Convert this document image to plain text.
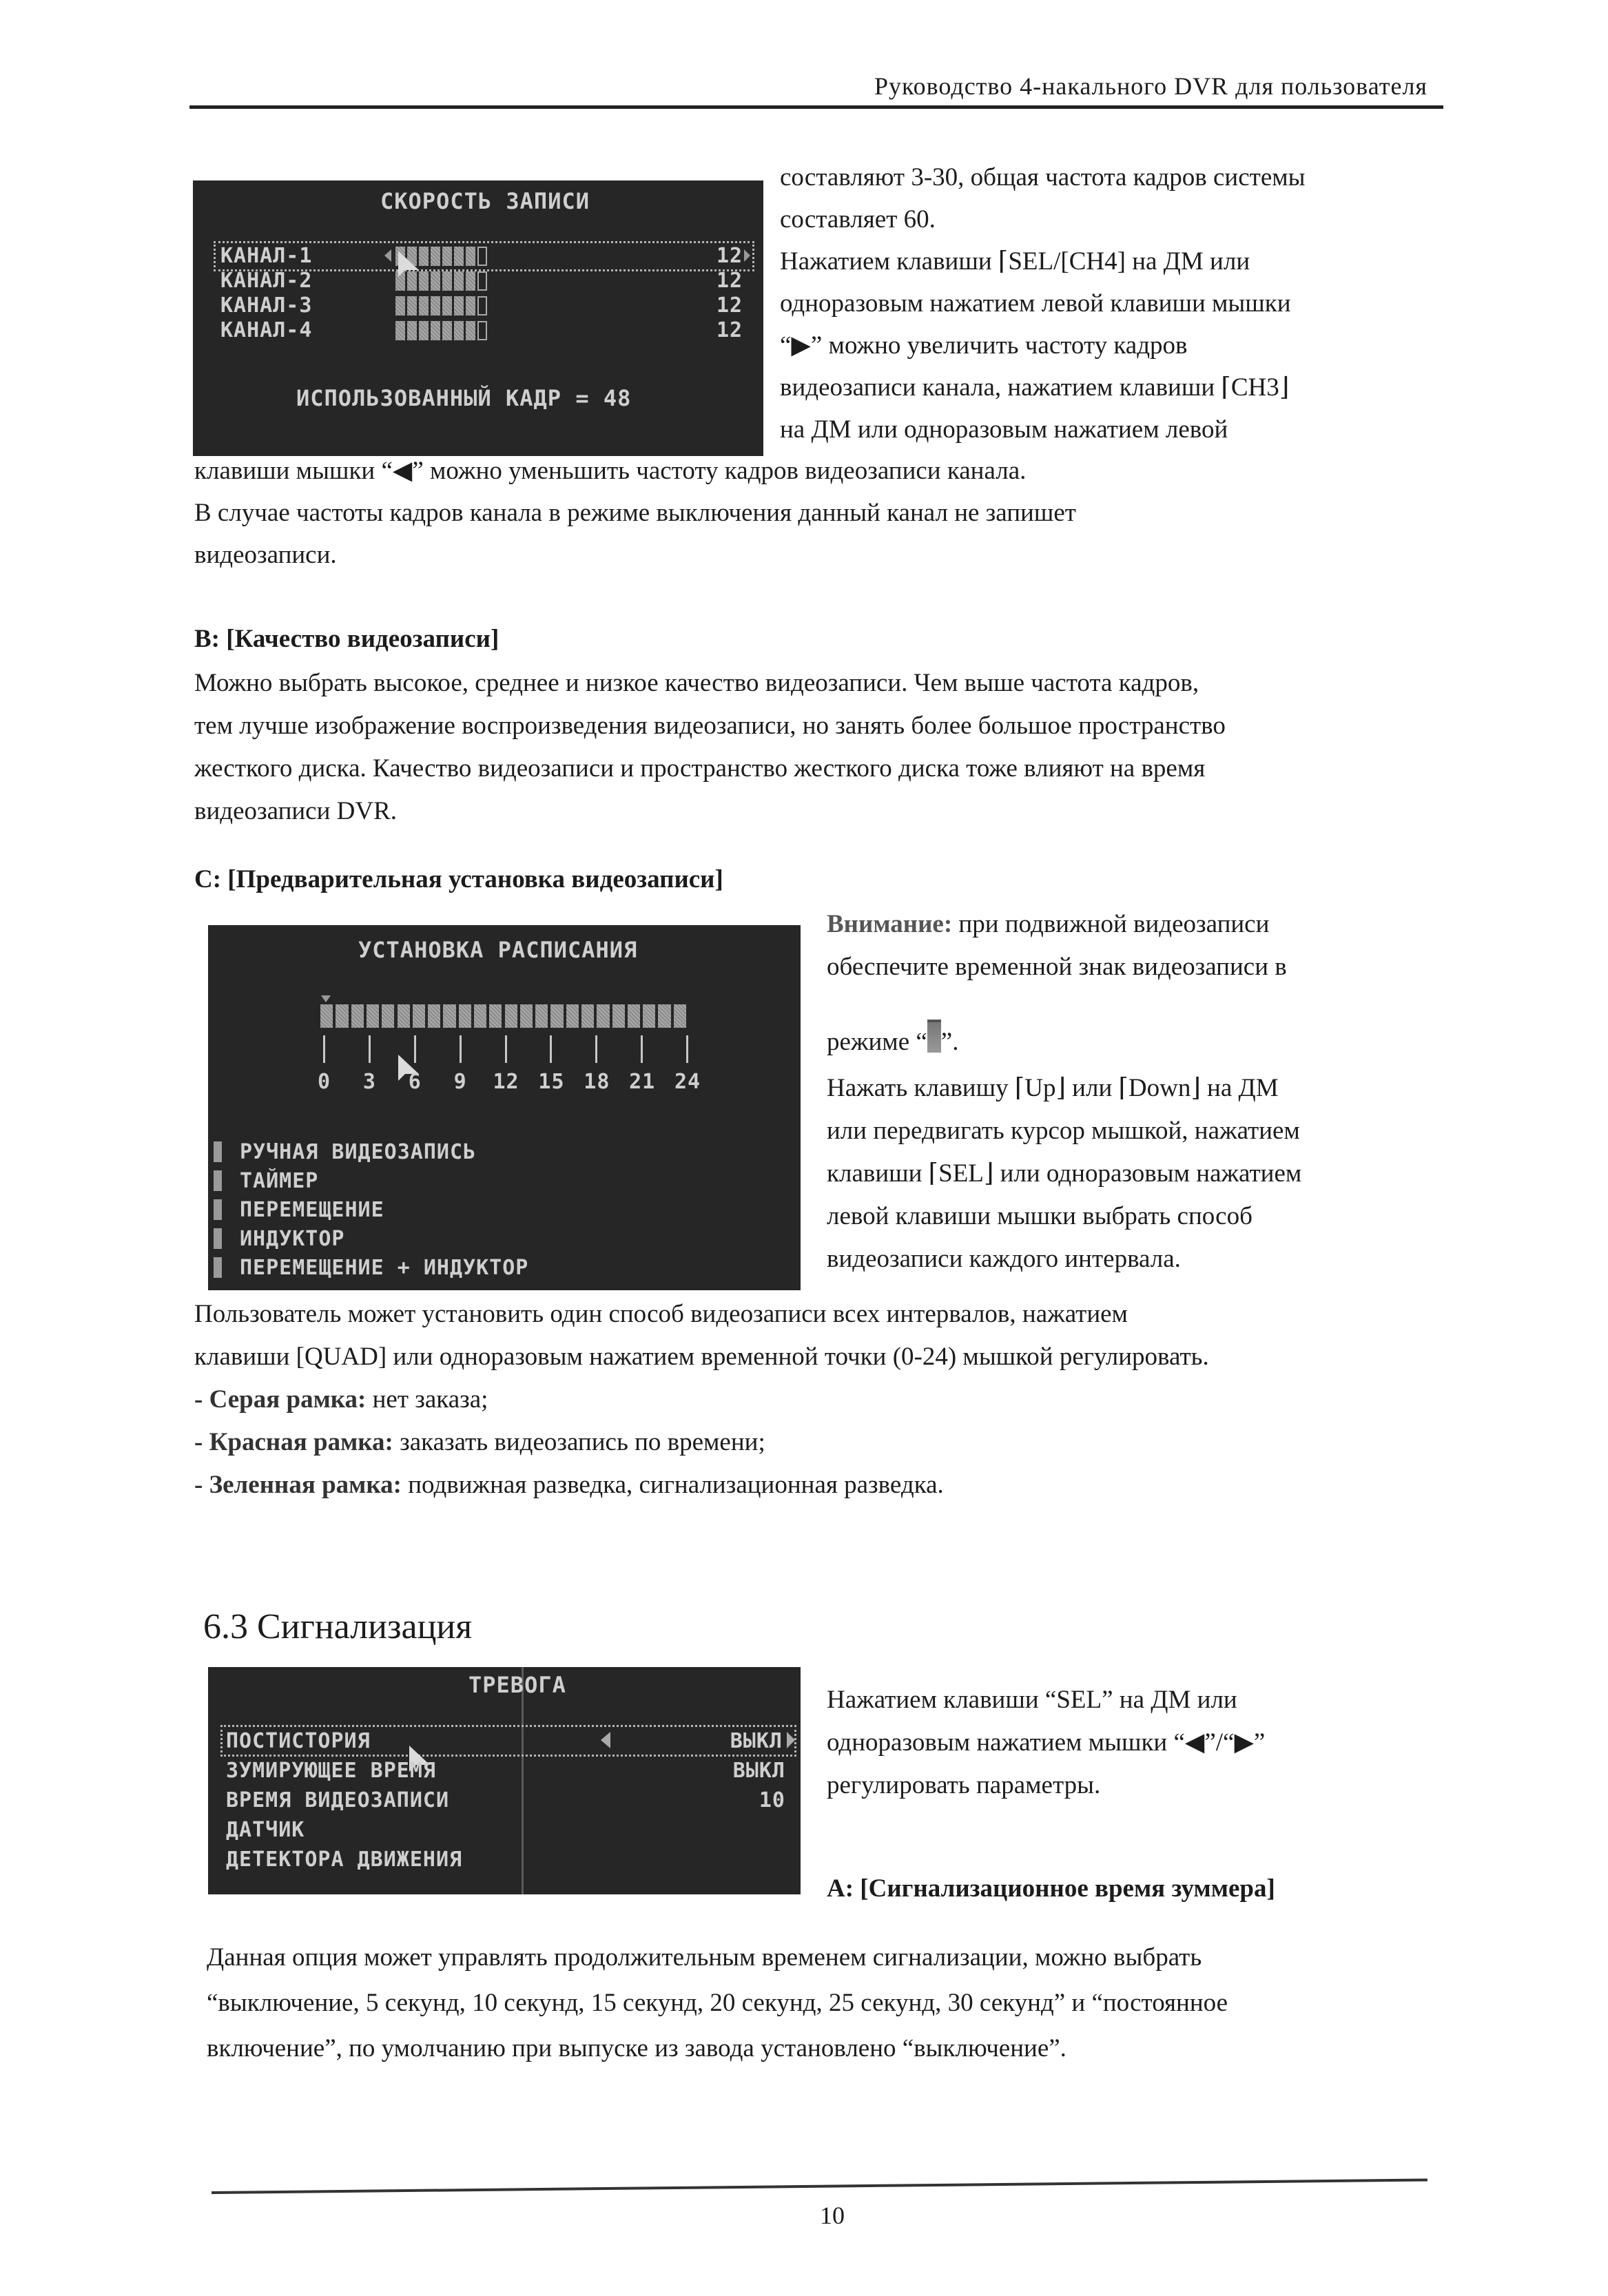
Руководство 4-накального DVR для пользователя
СКОРОСТЬ ЗАПИСИ
ИСПОЛЬЗОВАННЫЙ КАДР = 48
КАНАЛ-1	12
КАНАЛ-2	12
КАНАЛ-3	12
КАНАЛ-4	12
составляют 3-30, общая частота кадров системы
составляет 60.
Нажатием клавиши ⌈SEL/[CH4] на ДМ или
одноразовым нажатием левой клавиши мышки
“▶” можно увеличить частоту кадров
видеозаписи канала, нажатием клавиши ⌈CH3⌋
на ДМ или одноразовым нажатием левой
клавиши мышки “◀” можно уменьшить частоту кадров видеозаписи канала.
В случае частоты кадров канала в режиме выключения данный канал не запишет
видеозаписи.
B: [Качество видеозаписи]
Можно выбрать высокое, среднее и низкое качество видеозаписи. Чем выше частота кадров,
тем лучше изображение воспроизведения видеозаписи, но занять более большое пространство
жесткого диска. Качество видеозаписи и пространство жесткого диска тоже влияют на время
видеозаписи DVR.
C: [Предварительная установка видеозаписи]
УСТАНОВКА РАСПИСАНИЯ
0 3 6 9 12 15 18 21 24
РУЧНАЯ ВИДЕОЗАПИСЬ
ТАЙМЕР
ПЕРЕМЕЩЕНИЕ
ИНДУКТОР
ПЕРЕМЕЩЕНИЕ + ИНДУКТОР
Внимание: при подвижной видеозаписи
обеспечите временной знак видеозаписи в
режиме “ ”.
Нажать клавишу ⌈Up⌋ или ⌈Down⌋ на ДМ
или передвигать курсор мышкой, нажатием
клавиши ⌈SEL⌋ или одноразовым нажатием
левой клавиши мышки выбрать способ
видеозаписи каждого интервала.
Пользователь может установить один способ видеозаписи всех интервалов, нажатием
клавиши [QUAD] или одноразовым нажатием временной точки (0-24) мышкой регулировать.
- Серая рамка: нет заказа;
- Красная рамка: заказать видеозапись по времени;
- Зеленная рамка: подвижная разведка, сигнализационная разведка.
6.3 Сигнализация
ТРЕВОГА
ПОСТИСТОРИЯ	ВЫКЛ
ЗУМИРУЮЩЕЕ ВРЕМЯ	ВЫКЛ
ВРЕМЯ ВИДЕОЗАПИСИ	10
ДАТЧИК
ДЕТЕКТОРА ДВИЖЕНИЯ
Нажатием клавиши “SEL” на ДМ или
одноразовым нажатием мышки “◀”/“▶”
регулировать параметры.
A: [Сигнализационное время зуммера]
Данная опция может управлять продолжительным временем сигнализации, можно выбрать
“выключение, 5 секунд, 10 секунд, 15 секунд, 20 секунд, 25 секунд, 30 секунд” и “постоянное
включение”, по умолчанию при выпуске из завода установлено “выключение”.
10
